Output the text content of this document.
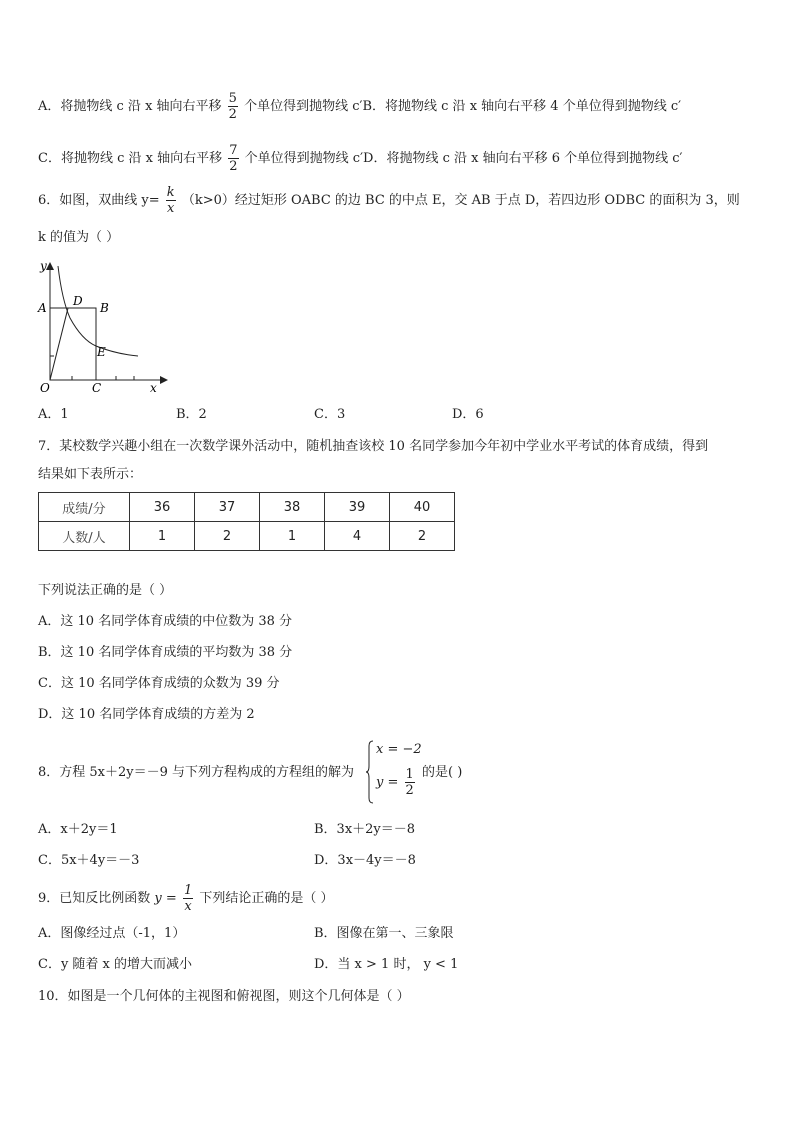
A．将抛物线 c 沿 x 轴向右平移 $\frac{5}{2}$ 个单位得到抛物线 c′B．将抛物线 c 沿 x 轴向右平移 4 个单位得到抛物线 c′
C．将抛物线 c 沿 x 轴向右平移 $\frac{7}{2}$ 个单位得到抛物线 c′D．将抛物线 c 沿 x 轴向右平移 6 个单位得到抛物线 c′
6．如图，双曲线 $y= \frac{k}{x} (k>0)$经过矩形 OABC 的边 BC 的中点 E，交 AB 于点 D，若四边形 ODBC 的面积为 3，则
k 的值为（ ）
y
x
O
A	B
C
D
E
A．1	B．2	C．3	D．6
7．某校数学兴趣小组在一次数学课外活动中，随机抽查该校 10 名同学参加今年初中学业水平考试的体育成绩，得到
结果如下表所示：
成绩/分	36	37	38	39	40
人数/人	1	2	1	4	2
下列说法正确的是（ ）
A．这 10 名同学体育成绩的中位数为 38 分
B．这 10 名同学体育成绩的平均数为 38 分
C．这 10 名同学体育成绩的众数为 39 分
D．这 10 名同学体育成绩的方差为 2
8．方程 5x＋2y＝－9 与下列方程构成的方程组的解为
x = −2
$y = \frac{1}{2}$ 的是( )
A．x＋2y＝1	B．3x＋2y＝－8
C．5x＋4y＝－3	D．3x－4y＝－8
9．已知反比例函数 $y = \frac{1}{x}$ 下列结论正确的是（ ）
A．图像经过点（-1，1）	B．图像在第一、三象限
C．y 随着 x 的增大而减小	D．当 x > 1 时， y < 1
10．如图是一个几何体的主视图和俯视图，则这个几何体是（ ）
